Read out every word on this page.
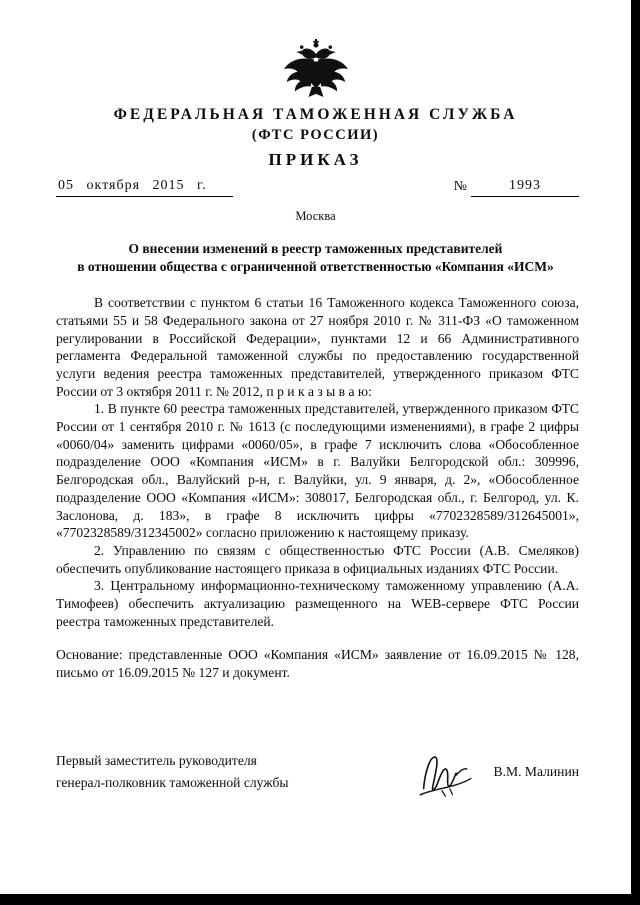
ФЕДЕРАЛЬНАЯ ТАМОЖЕННАЯ СЛУЖБА
(ФТС РОССИИ)
ПРИКАЗ
05 октября 2015 г.	№	1993
Москва
О внесении изменений в реестр таможенных представителей
в отношении общества с ограниченной ответственностью «Компания «ИСМ»

В соответствии с пунктом 6 статьи 16 Таможенного кодекса Таможенного союза, статьями 55 и 58 Федерального закона от 27 ноября 2010 г. № 311-ФЗ «О таможенном регулировании в Российской Федерации», пунктами 12 и 66 Административного регламента Федеральной таможенной службы по предоставлению государственной услуги ведения реестра таможенных представителей, утвержденного приказом ФТС России от 3 октября 2011 г. № 2012, п р и к а з ы в а ю:

1. В пункте 60 реестра таможенных представителей, утвержденного приказом ФТС России от 1 сентября 2010 г. № 1613 (с последующими изменениями), в графе 2 цифры «0060/04» заменить цифрами «0060/05», в графе 7 исключить слова «Обособленное подразделение ООО «Компания «ИСМ» в г. Валуйки Белгородской обл.: 309996, Белгородская обл., Валуйский р-н, г. Валуйки, ул. 9 января, д. 2», «Обособленное подразделение ООО «Компания «ИСМ»: 308017, Белгородская обл., г. Белгород, ул. К. Заслонова, д. 183», в графе 8 исключить цифры «7702328589/312645001», «7702328589/312345002» согласно приложению к настоящему приказу.

2. Управлению по связям с общественностью ФТС России (А.В. Смеляков) обеспечить опубликование настоящего приказа в официальных изданиях ФТС России.

3. Центральному информационно-техническому таможенному управлению (А.А. Тимофеев) обеспечить актуализацию размещенного на WEB-сервере ФТС России реестра таможенных представителей.

Основание: представленные ООО «Компания «ИСМ» заявление от 16.09.2015 № 128, письмо от 16.09.2015 № 127 и документ.
Первый заместитель руководителя
генерал-полковник таможенной службы
В.М. Малинин
